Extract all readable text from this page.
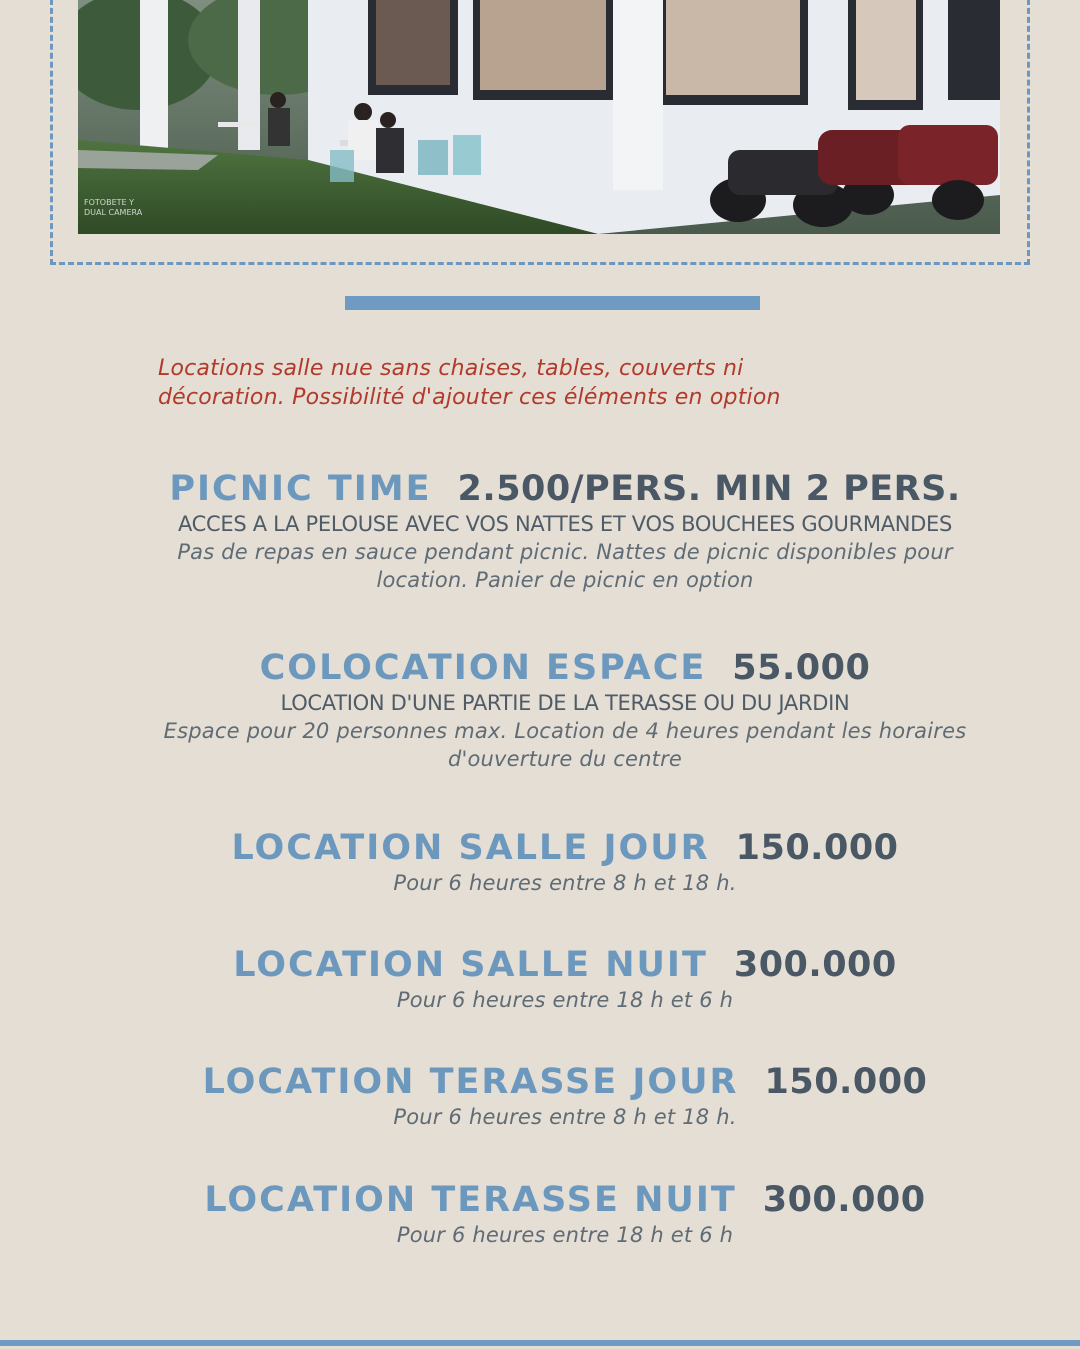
FOTOBETE Y
DUAL CAMERA
Locations salle nue sans chaises, tables, couverts ni
décoration. Possibilité d'ajouter ces éléments en option
PICNIC TIME 2.500/PERS. MIN 2 PERS.
ACCES A LA PELOUSE AVEC VOS NATTES ET VOS BOUCHEES GOURMANDES
Pas de repas en sauce pendant picnic. Nattes de picnic disponibles pour
location. Panier de picnic en option
COLOCATION ESPACE 55.000
LOCATION D'UNE PARTIE DE LA TERASSE OU DU JARDIN
Espace pour 20 personnes max. Location de 4 heures pendant les horaires
d'ouverture du centre
LOCATION SALLE JOUR 150.000
Pour 6 heures entre 8 h et 18 h.
LOCATION SALLE NUIT 300.000
Pour 6 heures entre 18 h et 6 h
LOCATION TERASSE JOUR 150.000
Pour 6 heures entre 8 h et 18 h.
LOCATION TERASSE NUIT 300.000
Pour 6 heures entre 18 h et 6 h
